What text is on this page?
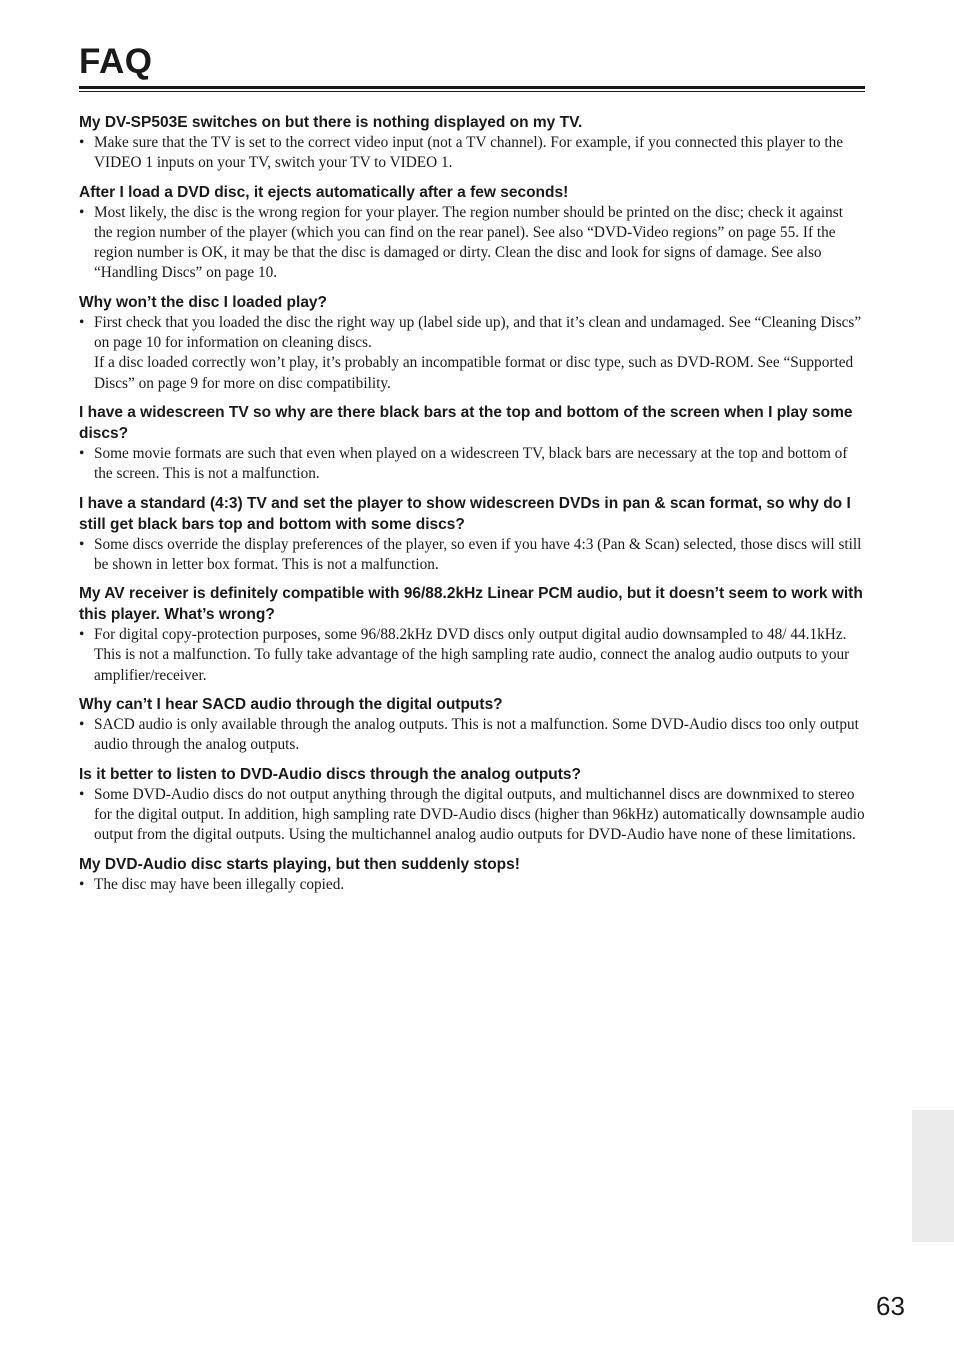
FAQ

My DV-SP503E switches on but there is nothing displayed on my TV.

• Make sure that the TV is set to the correct video input (not a TV channel). For example, if you connected this player to the VIDEO 1 inputs on your TV, switch your TV to VIDEO 1.

After I load a DVD disc, it ejects automatically after a few seconds!

• Most likely, the disc is the wrong region for your player. The region number should be printed on the disc; check it against the region number of the player (which you can find on the rear panel). See also “DVD-Video regions” on page 55. If the region number is OK, it may be that the disc is damaged or dirty. Clean the disc and look for signs of damage. See also “Handling Discs” on page 10.

Why won’t the disc I loaded play?

• First check that you loaded the disc the right way up (label side up), and that it’s clean and undamaged. See “Cleaning Discs” on page 10 for information on cleaning discs.

If a disc loaded correctly won’t play, it’s probably an incompatible format or disc type, such as DVD-ROM. See “Supported Discs” on page 9 for more on disc compatibility.

I have a widescreen TV so why are there black bars at the top and bottom of the screen when I play some discs?

• Some movie formats are such that even when played on a widescreen TV, black bars are necessary at the top and bottom of the screen. This is not a malfunction.

I have a standard (4:3) TV and set the player to show widescreen DVDs in pan & scan format, so why do I still get black bars top and bottom with some discs?

• Some discs override the display preferences of the player, so even if you have 4:3 (Pan & Scan) selected, those discs will still be shown in letter box format. This is not a malfunction.

My AV receiver is definitely compatible with 96/88.2kHz Linear PCM audio, but it doesn’t seem to work with this player. What’s wrong?

• For digital copy-protection purposes, some 96/88.2kHz DVD discs only output digital audio downsampled to 48/ 44.1kHz. This is not a malfunction. To fully take advantage of the high sampling rate audio, connect the analog audio outputs to your amplifier/receiver.

Why can’t I hear SACD audio through the digital outputs?

• SACD audio is only available through the analog outputs. This is not a malfunction. Some DVD-Audio discs too only output audio through the analog outputs.

Is it better to listen to DVD-Audio discs through the analog outputs?

• Some DVD-Audio discs do not output anything through the digital outputs, and multichannel discs are downmixed to stereo for the digital output. In addition, high sampling rate DVD-Audio discs (higher than 96kHz) automatically downsample audio output from the digital outputs. Using the multichannel analog audio outputs for DVD-Audio have none of these limitations.

My DVD-Audio disc starts playing, but then suddenly stops!

• The disc may have been illegally copied.

63
